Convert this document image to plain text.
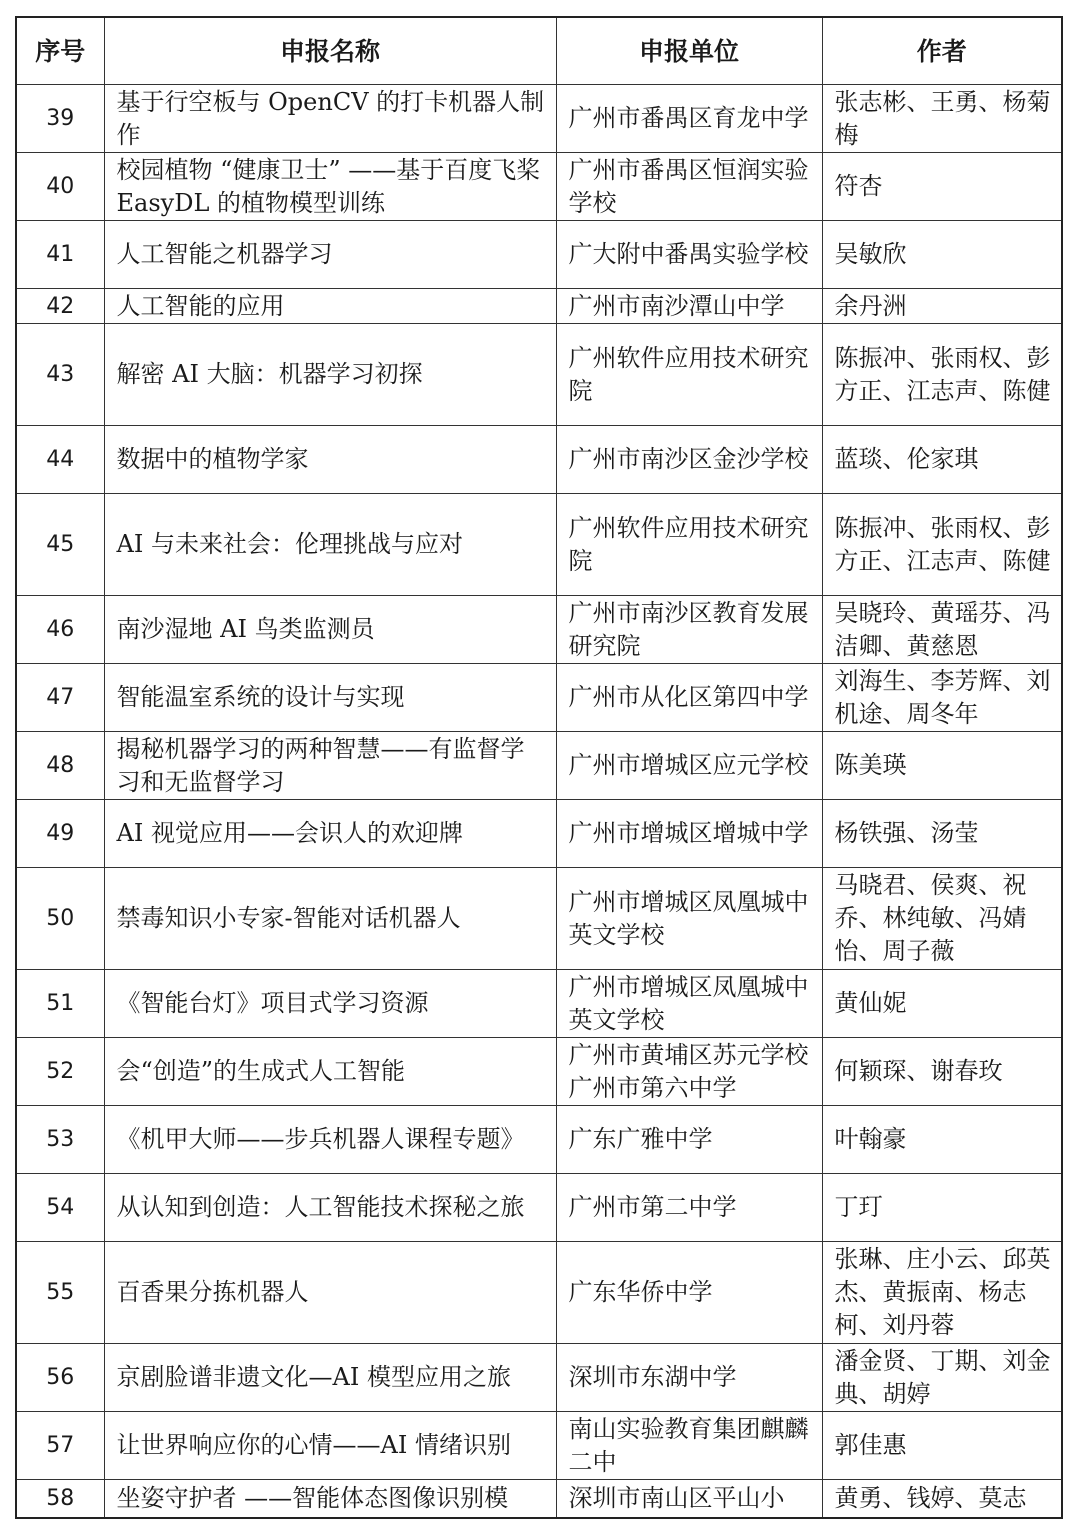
序号	申报名称	申报单位	作者
39	基于行空板与 OpenCV 的打卡机器人制作	广州市番禺区育龙中学	张志彬、王勇、杨菊梅
40	校园植物 “健康卫士” ——基于百度飞桨 EasyDL 的植物模型训练	广州市番禺区恒润实验学校	符杏
41	人工智能之机器学习	广大附中番禺实验学校	吴敏欣
42	人工智能的应用	广州市南沙潭山中学	余丹洲
43	解密 AI 大脑：机器学习初探	广州软件应用技术研究院	陈振冲、张雨权、彭方正、江志声、陈健
44	数据中的植物学家	广州市南沙区金沙学校	蓝琰、伦家琪
45	AI 与未来社会：伦理挑战与应对	广州软件应用技术研究院	陈振冲、张雨权、彭方正、江志声、陈健
46	南沙湿地 AI 鸟类监测员	广州市南沙区教育发展研究院	吴晓玲、黄瑶芬、冯洁卿、黄慈恩
47	智能温室系统的设计与实现	广州市从化区第四中学	刘海生、李芳辉、刘机途、周冬年
48	揭秘机器学习的两种智慧——有监督学习和无监督学习	广州市增城区应元学校	陈美瑛
49	AI 视觉应用——会识人的欢迎牌	广州市增城区增城中学	杨铁强、汤莹
50	禁毒知识小专家-智能对话机器人	广州市增城区凤凰城中英文学校	马晓君、侯爽、祝乔、林纯敏、冯婧怡、周子薇
51	《智能台灯》项目式学习资源	广州市增城区凤凰城中英文学校	黄仙妮
52	会“创造”的生成式人工智能	广州市黄埔区苏元学校 广州市第六中学	何颖琛、谢春玫
53	《机甲大师——步兵机器人课程专题》	广东广雅中学	叶翰豪
54	从认知到创造：人工智能技术探秘之旅	广州市第二中学	丁玎
55	百香果分拣机器人	广东华侨中学	张琳、庄小云、邱英杰、黄振南、杨志柯、刘丹蓉
56	京剧脸谱非遗文化—AI 模型应用之旅	深圳市东湖中学	潘金贤、丁期、刘金典、胡婷
57	让世界响应你的心情——AI 情绪识别	南山实验教育集团麒麟二中	郭佳惠
58	坐姿守护者 ——智能体态图像识别模	深圳市南山区平山小	黄勇、钱婷、莫志
